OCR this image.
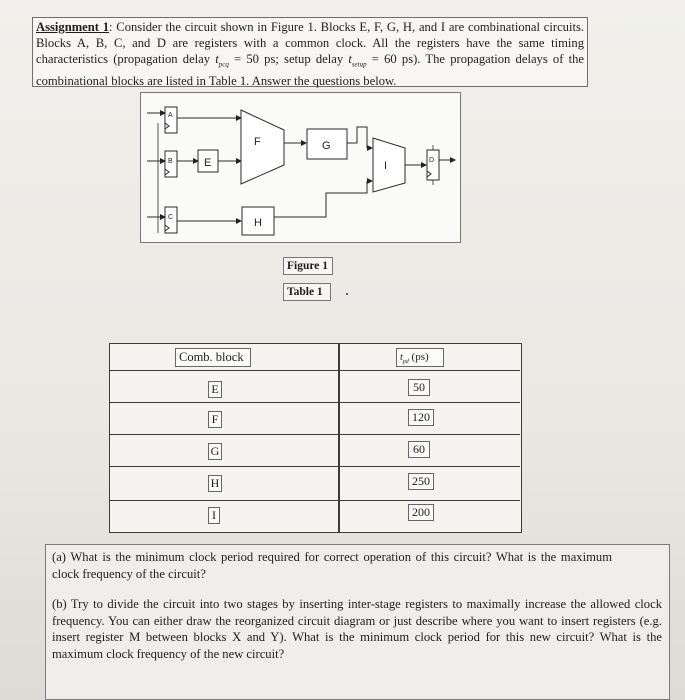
Assignment 1: Consider the circuit shown in Figure 1. Blocks E, F, G, H, and I are combinational circuits. Blocks A, B, C, and D are registers with a common clock. All the registers have the same timing characteristics (propagation delay $t_{pcq} = 50$ ps; setup delay $t_{setup} = 60$ ps). The propagation delays of the combinational blocks are listed in Table 1. Answer the questions below.
A
B
C
D
E
F	G
H
I
Figure 1
Table 1
Comb. block	$t_{pd}$ (ps)
E	50
F	120
G	60
H	250
I	200
(a) What is the minimum clock period required for correct operation of this circuit? What is the maximum clock frequency of the circuit?
(b) Try to divide the circuit into two stages by inserting inter-stage registers to maximally increase the allowed clock frequency. You can either draw the reorganized circuit diagram or just describe where you want to insert registers (e.g. insert register M between blocks X and Y). What is the minimum clock period for this new circuit? What is the maximum clock frequency of the new circuit?
